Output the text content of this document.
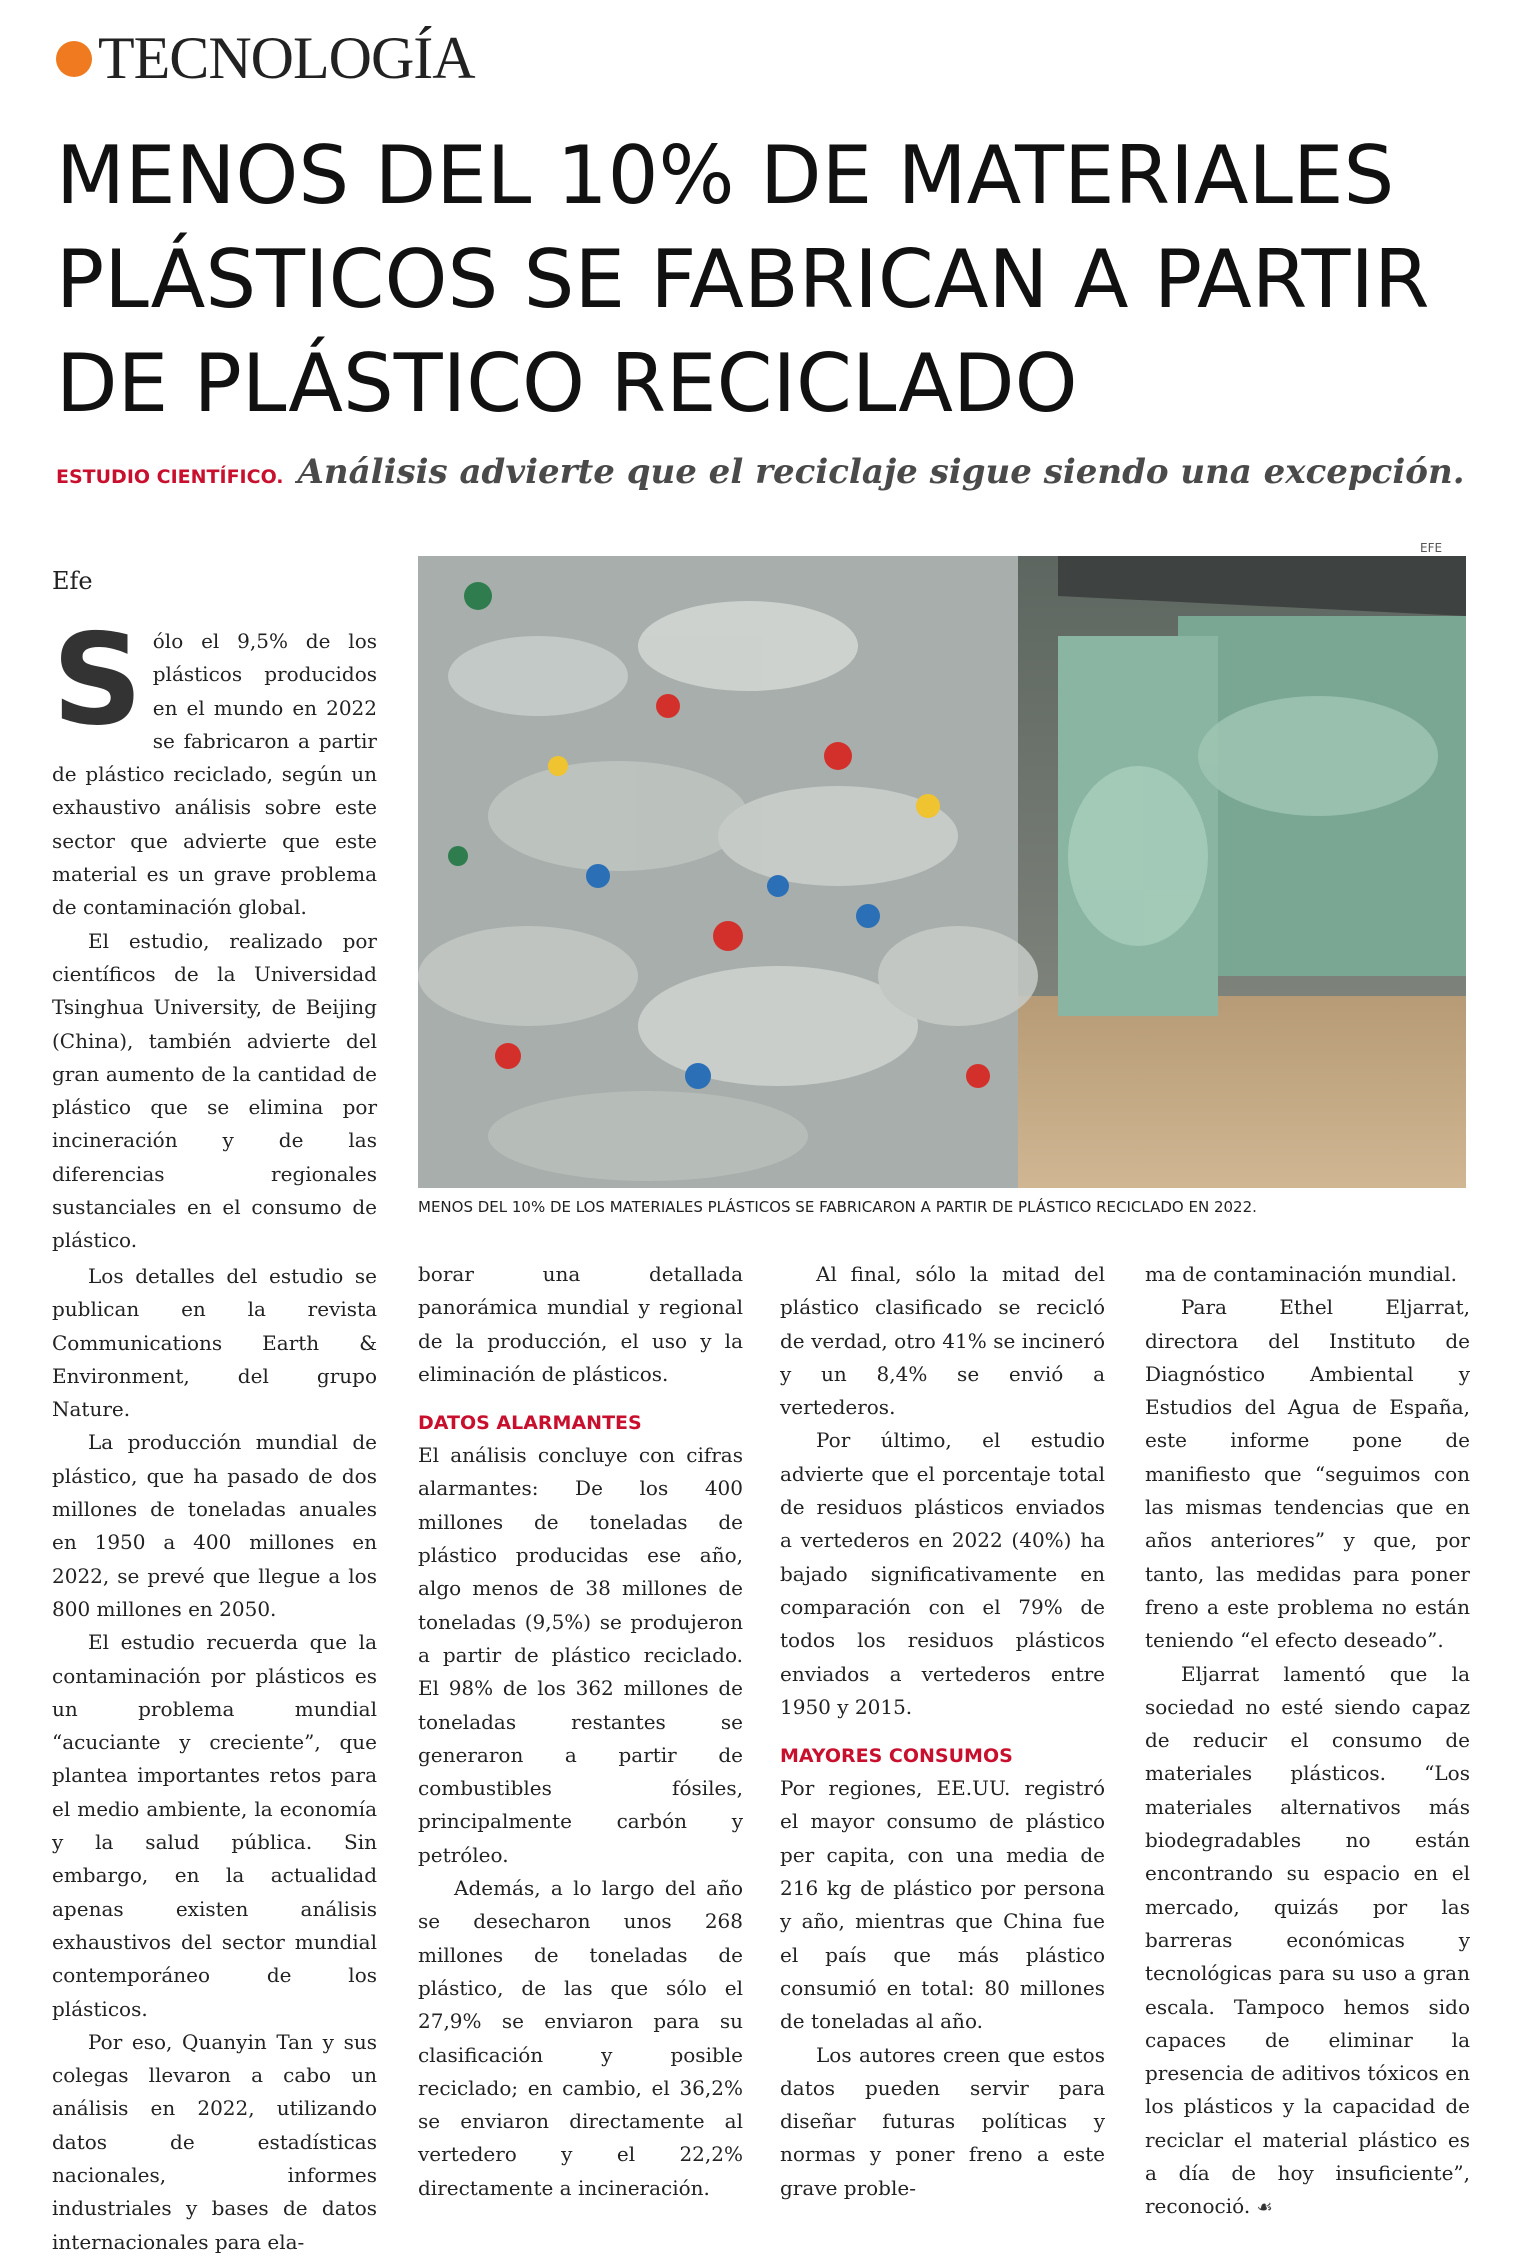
TECNOLOGÍA
MENOS DEL 10% DE MATERIALES
PLÁSTICOS SE FABRICAN A PARTIR
DE PLÁSTICO RECICLADO
ESTUDIO CIENTÍFICO. Análisis advierte que el reciclaje sigue siendo una excepción.
EFE
MENOS DEL 10% DE LOS MATERIALES PLÁSTICOS SE FABRICARON A PARTIR DE PLÁSTICO RECICLADO EN 2022.
Efe

Sólo el 9,5% de los plásticos producidos en el mundo en 2022 se fabricaron a partir de plástico reciclado, según un exhaustivo análisis sobre este sector que advierte que este material es un grave problema de contaminación global.

El estudio, realizado por científicos de la Universidad Tsinghua University, de Beijing (China), también advierte del gran aumento de la cantidad de plástico que se elimina por incineración y de las diferencias regionales sustanciales en el consumo de plástico.

Los detalles del estudio se publican en la revista Communications Earth & Environment, del grupo Nature.

La producción mundial de plástico, que ha pasado de dos millones de toneladas anuales en 1950 a 400 millones en 2022, se prevé que llegue a los 800 millones en 2050.

El estudio recuerda que la contaminación por plásticos es un problema mundial “acuciante y creciente”, que plantea importantes retos para el medio ambiente, la economía y la salud pública. Sin embargo, en la actualidad apenas existen análisis exhaustivos del sector mundial contemporáneo de los plásticos.

Por eso, Quanyin Tan y sus colegas llevaron a cabo un análisis en 2022, utilizando datos de estadísticas nacionales, informes industriales y bases de datos internacionales para ela-

borar una detallada panorámica mundial y regional de la producción, el uso y la eliminación de plásticos.

DATOS ALARMANTES

El análisis concluye con cifras alarmantes: De los 400 millones de toneladas de plástico producidas ese año, algo menos de 38 millones de toneladas (9,5%) se produjeron a partir de plástico reciclado. El 98% de los 362 millones de toneladas restantes se generaron a partir de combustibles fósiles, principalmente carbón y petróleo.

Además, a lo largo del año se desecharon unos 268 millones de toneladas de plástico, de las que sólo el 27,9% se enviaron para su clasificación y posible reciclado; en cambio, el 36,2% se enviaron directamente al vertedero y el 22,2% directamente a incineración.

Al final, sólo la mitad del plástico clasificado se recicló de verdad, otro 41% se incineró y un 8,4% se envió a vertederos.

Por último, el estudio advierte que el porcentaje total de residuos plásticos enviados a vertederos en 2022 (40%) ha bajado significativamente en comparación con el 79% de todos los residuos plásticos enviados a vertederos entre 1950 y 2015.

MAYORES CONSUMOS

Por regiones, EE.UU. registró el mayor consumo de plástico per capita, con una media de 216 kg de plástico por persona y año, mientras que China fue el país que más plástico consumió en total: 80 millones de toneladas al año.

Los autores creen que estos datos pueden servir para diseñar futuras políticas y normas y poner freno a este grave proble-

ma de contaminación mundial.

Para Ethel Eljarrat, directora del Instituto de Diagnóstico Ambiental y Estudios del Agua de España, este informe pone de manifiesto que “seguimos con las mismas tendencias que en años anteriores” y que, por tanto, las medidas para poner freno a este problema no están teniendo “el efecto deseado”.

Eljarrat lamentó que la sociedad no esté siendo capaz de reducir el consumo de materiales plásticos. “Los materiales alternativos más biodegradables no están encontrando su espacio en el mercado, quizás por las barreras económicas y tecnológicas para su uso a gran escala. Tampoco hemos sido capaces de eliminar la presencia de aditivos tóxicos en los plásticos y la capacidad de reciclar el material plástico es a día de hoy insuficiente”, reconoció. ☙
